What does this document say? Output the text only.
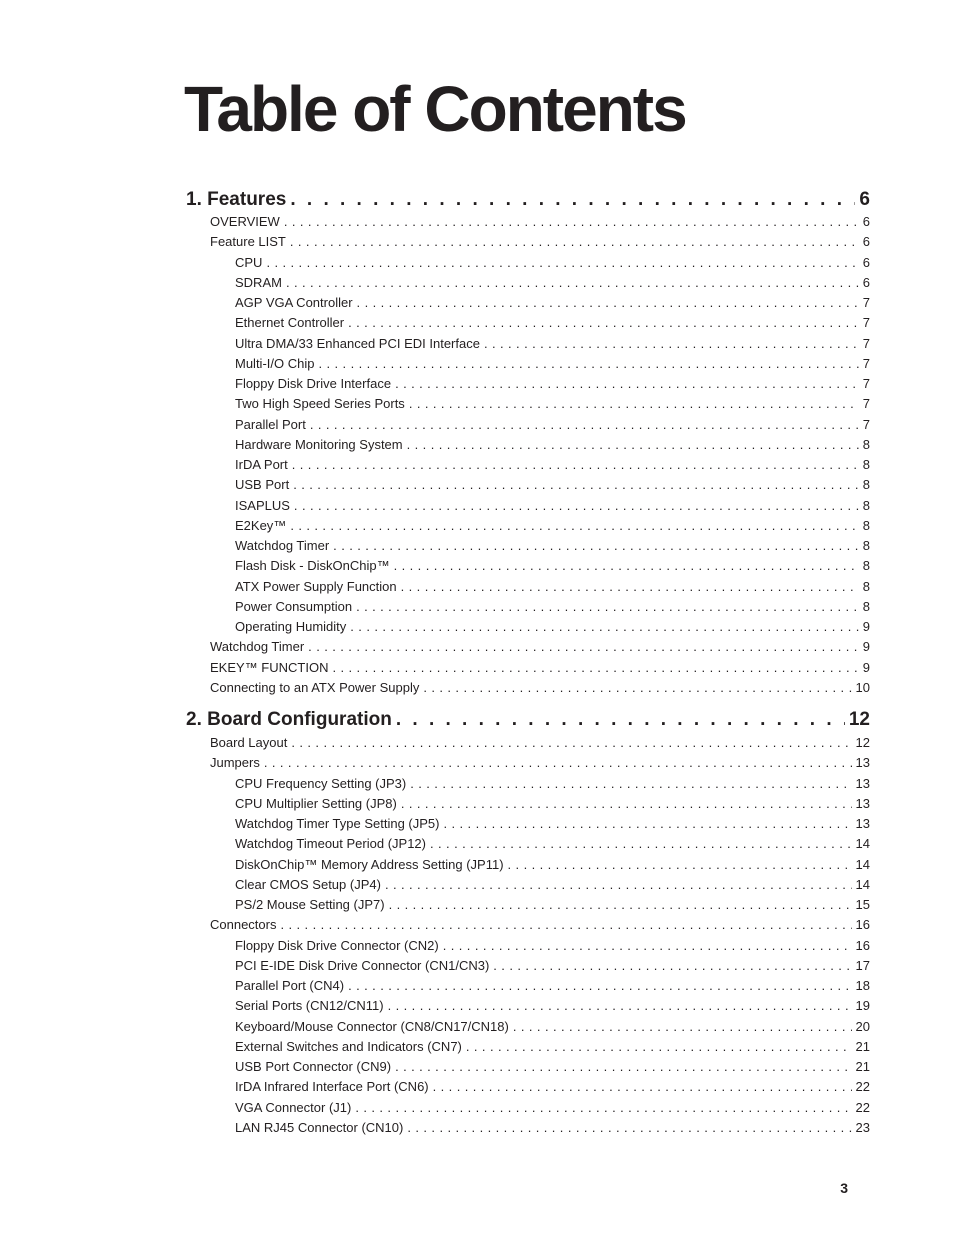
Table of Contents
1. Features . . .	6
OVERVIEW . . .	6
Feature LIST . . .	6
CPU . . .	6
SDRAM . . .	6
AGP VGA Controller . . .	7
Ethernet Controller . . .	7
Ultra DMA/33 Enhanced PCI EDI Interface . . .	7
Multi-I/O Chip . . .	7
Floppy Disk Drive Interface . . .	7
Two High Speed Series Ports . . .	7
Parallel Port . . .	7
Hardware Monitoring System . . .	8
IrDA Port . . .	8
USB Port . . .	8
ISAPLUS . . .	8
E2Key™ . . .	8
Watchdog Timer . . .	8
Flash Disk - DiskOnChip™ . . .	8
ATX Power Supply Function . . .	8
Power Consumption . . .	8
Operating Humidity . . .	9
Watchdog Timer . . .	9
EKEY™ FUNCTION . . .	9
Connecting to an ATX Power Supply . . .	10
2. Board Configuration . . .	12
Board Layout . . .	12
Jumpers . . .	13
CPU Frequency Setting (JP3) . . .	13
CPU Multiplier Setting (JP8) . . .	13
Watchdog Timer Type Setting (JP5) . . .	13
Watchdog Timeout Period (JP12) . . .	14
DiskOnChip™ Memory Address Setting (JP11) . . .	14
Clear CMOS Setup (JP4) . . .	14
PS/2 Mouse Setting (JP7) . . .	15
Connectors . . .	16
Floppy Disk Drive Connector (CN2) . . .	16
PCI E-IDE Disk Drive Connector (CN1/CN3) . . .	17
Parallel Port (CN4) . . .	18
Serial Ports (CN12/CN11) . . .	19
Keyboard/Mouse Connector (CN8/CN17/CN18) . . .	20
External Switches and Indicators (CN7) . . .	21
USB Port Connector (CN9) . . .	21
IrDA Infrared Interface Port (CN6) . . .	22
VGA Connector (J1) . . .	22
LAN RJ45 Connector (CN10) . . .	23
3
